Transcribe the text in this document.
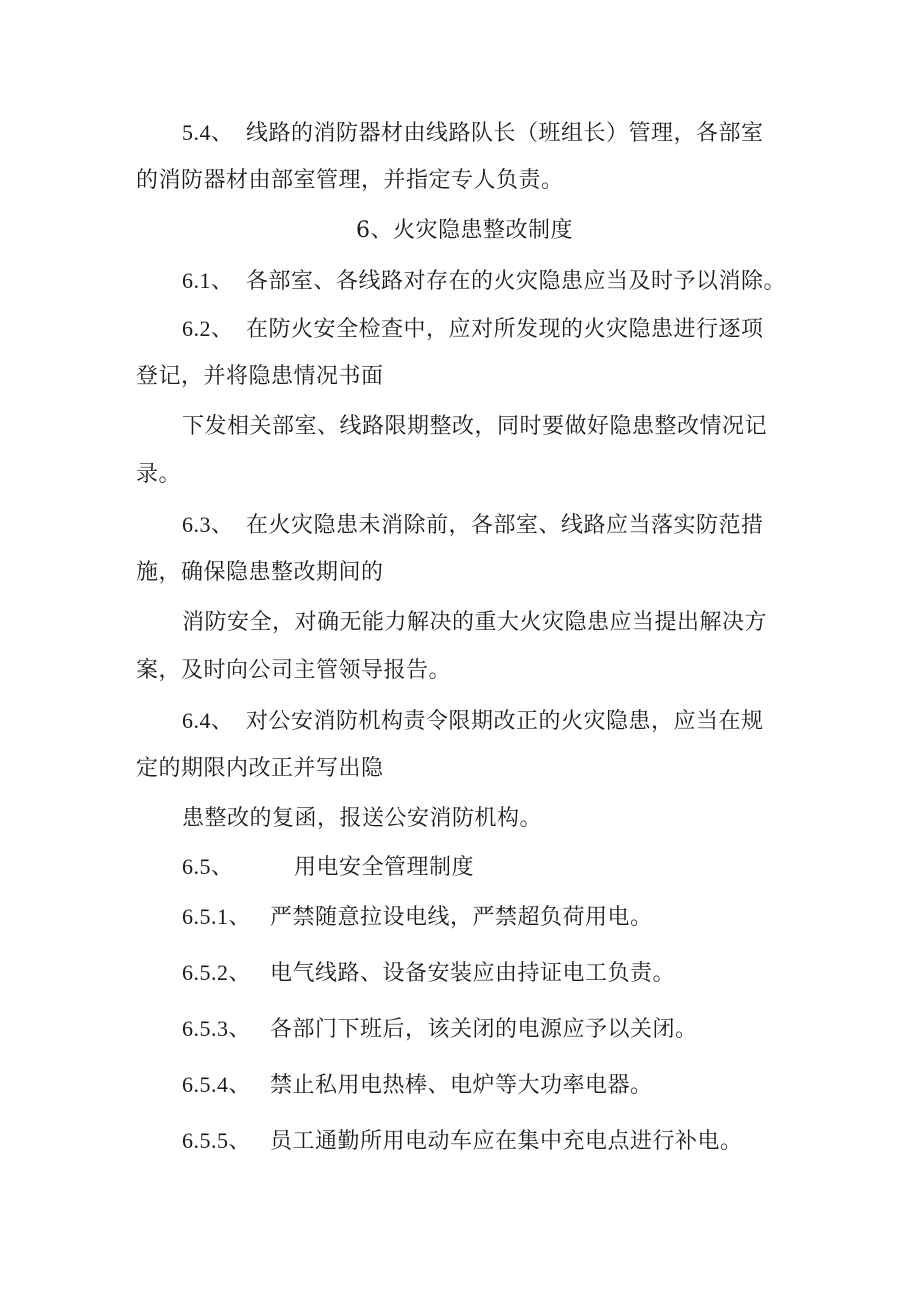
5.4、 线路的消防器材由线路队长（班组长）管理，各部室
的消防器材由部室管理，并指定专人负责。
6、火灾隐患整改制度
6.1、 各部室、各线路对存在的火灾隐患应当及时予以消除。
6.2、 在防火安全检查中，应对所发现的火灾隐患进行逐项
登记，并将隐患情况书面
下发相关部室、线路限期整改，同时要做好隐患整改情况记
录。
6.3、 在火灾隐患未消除前，各部室、线路应当落实防范措
施，确保隐患整改期间的
消防安全，对确无能力解决的重大火灾隐患应当提出解决方
案，及时向公司主管领导报告。
6.4、 对公安消防机构责令限期改正的火灾隐患，应当在规
定的期限内改正并写出隐
患整改的复函，报送公安消防机构。
6.5、	用电安全管理制度
6.5.1、 严禁随意拉设电线，严禁超负荷用电。
6.5.2、 电气线路、设备安装应由持证电工负责。
6.5.3、 各部门下班后，该关闭的电源应予以关闭。
6.5.4、 禁止私用电热棒、电炉等大功率电器。
6.5.5、 员工通勤所用电动车应在集中充电点进行补电。
